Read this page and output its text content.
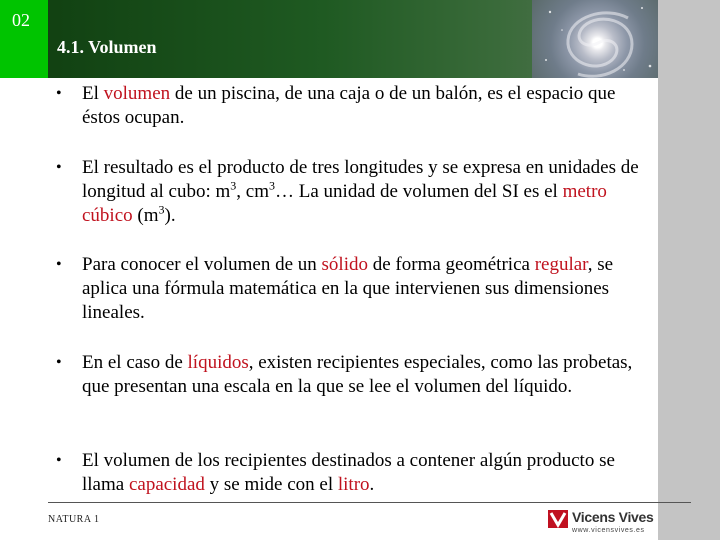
02
4.1. Volumen
• El volumen de un piscina, de una caja o de un balón, es el espacio que éstos ocupan.
• El resultado es el producto de tres longitudes y se expresa en unidades de longitud al cubo: $m^3$, $cm^3\dots$ La unidad de volumen del SI es el metro cúbico $(m^3)$.
• Para conocer el volumen de un sólido de forma geométrica regular, se aplica una fórmula matemática en la que intervienen sus dimensiones lineales.
• En el caso de líquidos, existen recipientes especiales, como las probetas, que presentan una escala en la que se lee el volumen del líquido.
• El volumen de los recipientes destinados a contener algún producto se llama capacidad y se mide con el litro.
NATURA 1	Vicens Vives
www.vicensvives.es
